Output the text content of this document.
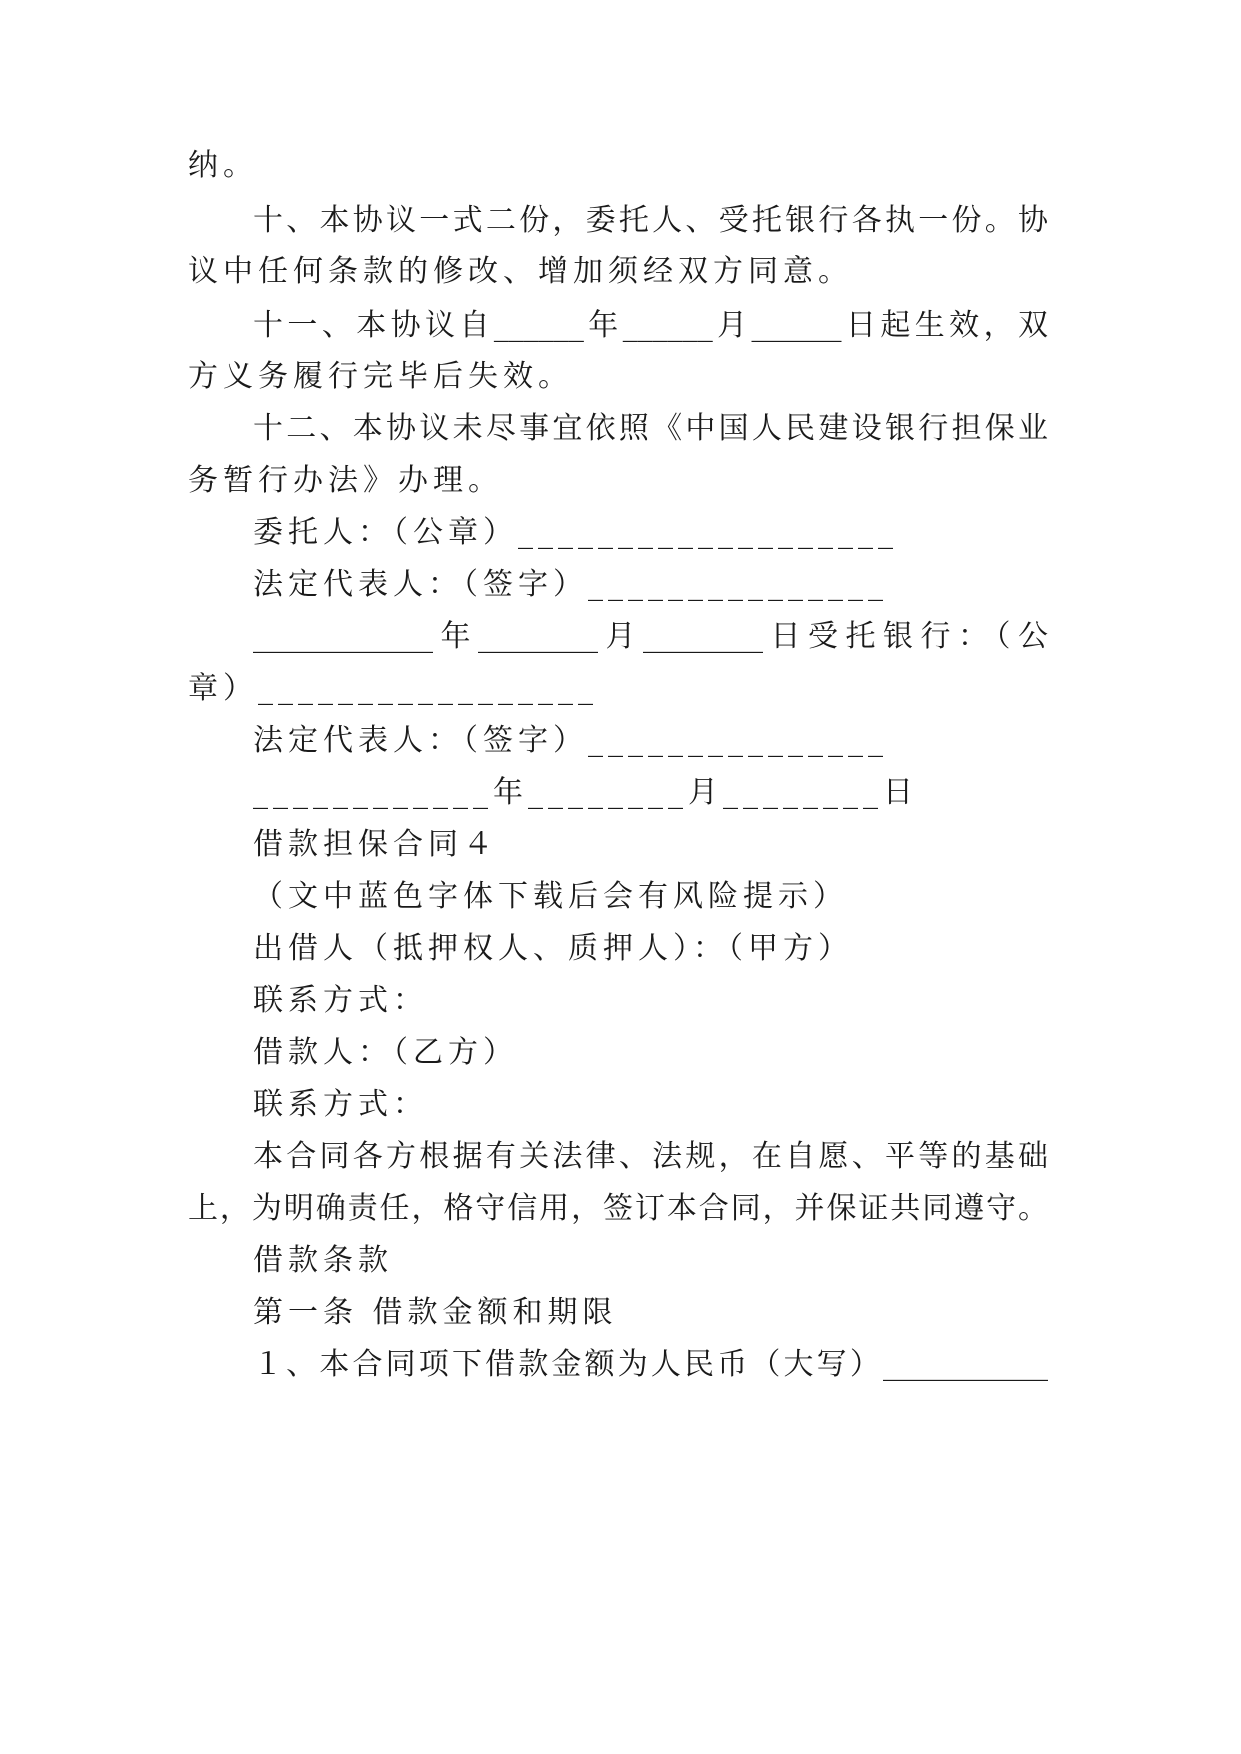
纳。
十、本协议一式二份，委托人、受托银行各执一份。协
议中任何条款的修改、增加须经双方同意。
十一、本协议自______年______月______日起生效，双
方义务履行完毕后失效。
十二、本协议未尽事宜依照《中国人民建设银行担保业
务暂行办法》办理。
委托人：（公章）___________________
法定代表人：（签字）_______________
____________年________月________日受托银行：（公
章）_________________
法定代表人：（签字）_______________
____________年________月________日
借款担保合同４
（文中蓝色字体下载后会有风险提示）
出借人（抵押权人、质押人）：（甲方）
联系方式：
借款人：（乙方）
联系方式：
本合同各方根据有关法律、法规，在自愿、平等的基础
上，为明确责任，格守信用，签订本合同，并保证共同遵守。
借款条款
第一条 借款金额和期限
１、本合同项下借款金额为人民币（大写）___________
